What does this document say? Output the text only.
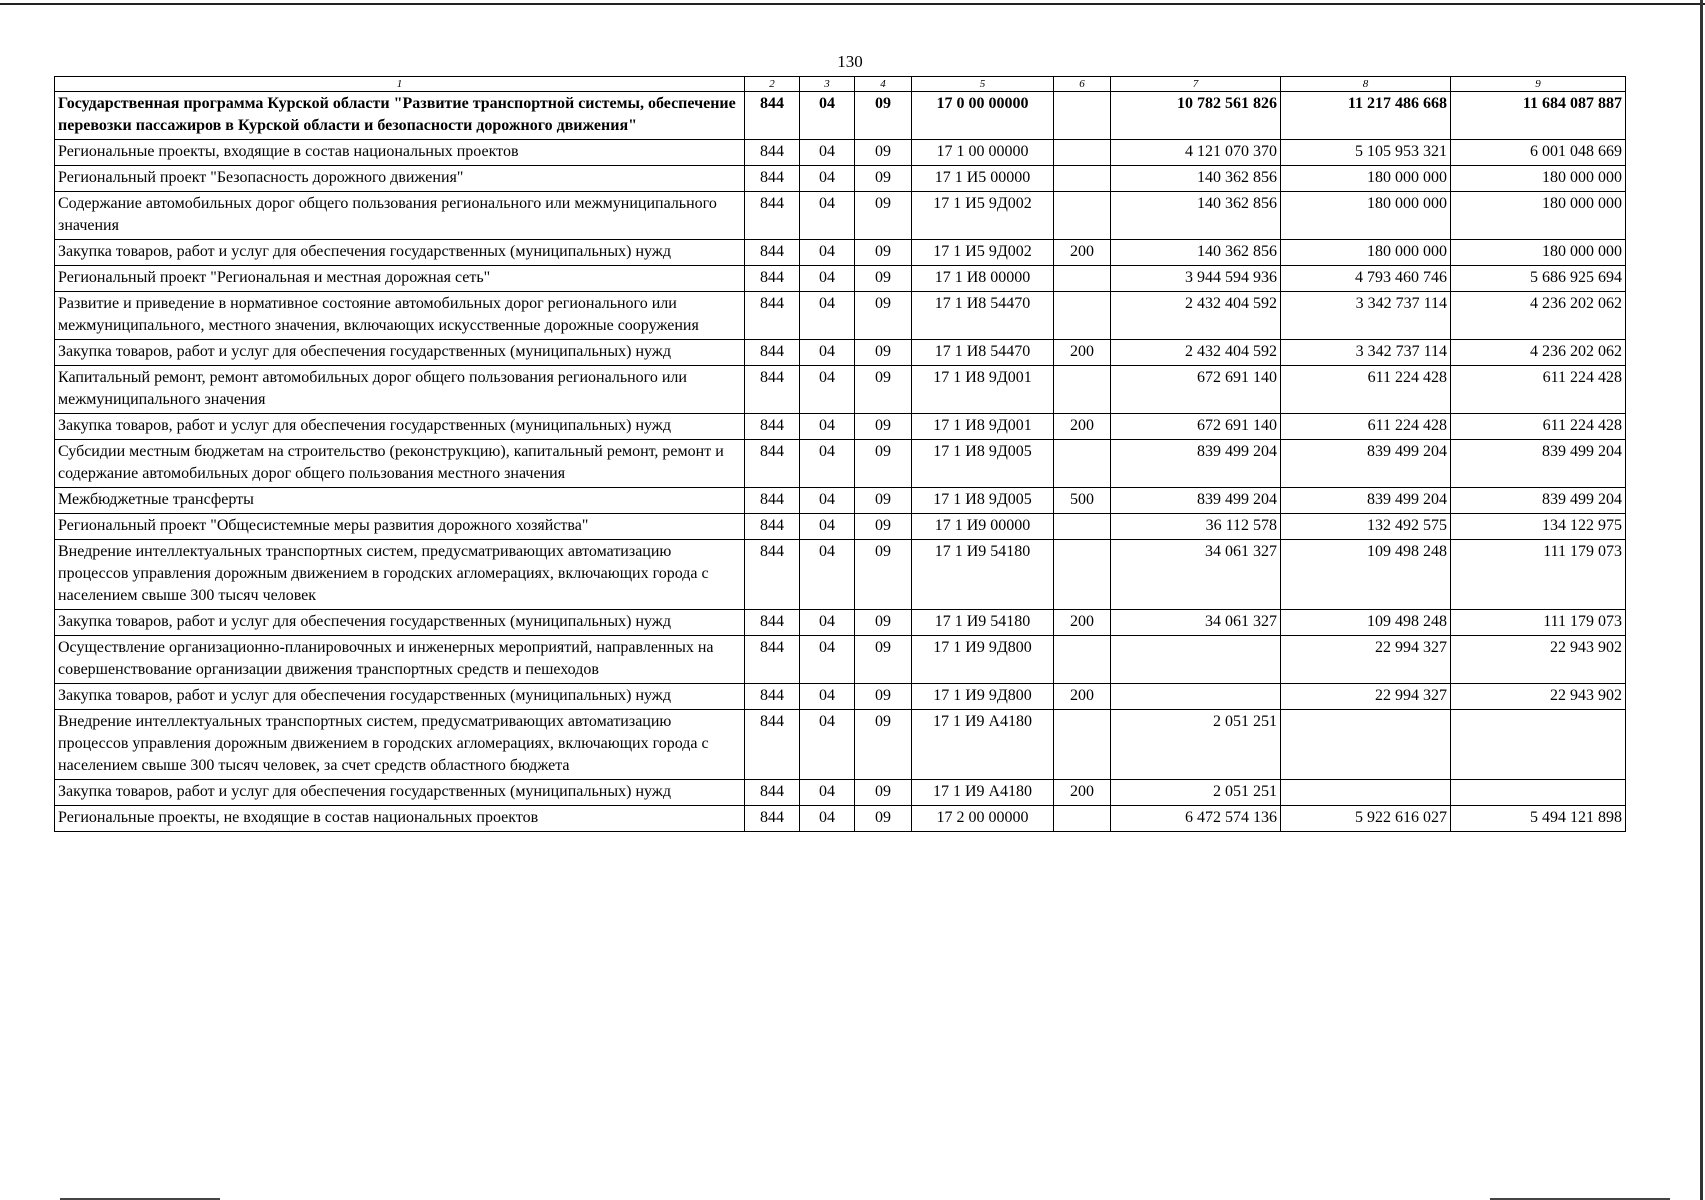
130
1	2	3	4	5	6	7	8	9
Государственная программа Курской области "Развитие транспортной системы, обеспечение перевозки пассажиров в Курской области и безопасности дорожного движения"	844	04	09	17 0 00 00000		10 782 561 826	11 217 486 668	11 684 087 887
Региональные проекты, входящие в состав национальных проектов	844	04	09	17 1 00 00000		4 121 070 370	5 105 953 321	6 001 048 669
Региональный проект "Безопасность дорожного движения"	844	04	09	17 1 И5 00000		140 362 856	180 000 000	180 000 000
Содержание автомобильных дорог общего пользования регионального или межмуниципального значения	844	04	09	17 1 И5 9Д002		140 362 856	180 000 000	180 000 000
Закупка товаров, работ и услуг для обеспечения государственных (муниципальных) нужд	844	04	09	17 1 И5 9Д002	200	140 362 856	180 000 000	180 000 000
Региональный проект "Региональная и местная дорожная сеть"	844	04	09	17 1 И8 00000		3 944 594 936	4 793 460 746	5 686 925 694
Развитие и приведение в нормативное состояние автомобильных дорог регионального или межмуниципального, местного значения, включающих искусственные дорожные сооружения	844	04	09	17 1 И8 54470		2 432 404 592	3 342 737 114	4 236 202 062
Закупка товаров, работ и услуг для обеспечения государственных (муниципальных) нужд	844	04	09	17 1 И8 54470	200	2 432 404 592	3 342 737 114	4 236 202 062
Капитальный ремонт, ремонт автомобильных дорог общего пользования регионального или межмуниципального значения	844	04	09	17 1 И8 9Д001		672 691 140	611 224 428	611 224 428
Закупка товаров, работ и услуг для обеспечения государственных (муниципальных) нужд	844	04	09	17 1 И8 9Д001	200	672 691 140	611 224 428	611 224 428
Субсидии местным бюджетам на строительство (реконструкцию), капитальный ремонт, ремонт и содержание автомобильных дорог общего пользования местного значения	844	04	09	17 1 И8 9Д005		839 499 204	839 499 204	839 499 204
Межбюджетные трансферты	844	04	09	17 1 И8 9Д005	500	839 499 204	839 499 204	839 499 204
Региональный проект "Общесистемные меры развития дорожного хозяйства"	844	04	09	17 1 И9 00000		36 112 578	132 492 575	134 122 975
Внедрение интеллектуальных транспортных систем, предусматривающих автоматизацию процессов управления дорожным движением в городских агломерациях, включающих города с населением свыше 300 тысяч человек	844	04	09	17 1 И9 54180		34 061 327	109 498 248	111 179 073
Закупка товаров, работ и услуг для обеспечения государственных (муниципальных) нужд	844	04	09	17 1 И9 54180	200	34 061 327	109 498 248	111 179 073
Осуществление организационно-планировочных и инженерных мероприятий, направленных на совершенствование организации движения транспортных средств и пешеходов	844	04	09	17 1 И9 9Д800			22 994 327	22 943 902
Закупка товаров, работ и услуг для обеспечения государственных (муниципальных) нужд	844	04	09	17 1 И9 9Д800	200		22 994 327	22 943 902
Внедрение интеллектуальных транспортных систем, предусматривающих автоматизацию процессов управления дорожным движением в городских агломерациях, включающих города с населением свыше 300 тысяч человек, за счет средств областного бюджета	844	04	09	17 1 И9 А4180		2 051 251		
Закупка товаров, работ и услуг для обеспечения государственных (муниципальных) нужд	844	04	09	17 1 И9 А4180	200	2 051 251		
Региональные проекты, не входящие в состав национальных проектов	844	04	09	17 2 00 00000		6 472 574 136	5 922 616 027	5 494 121 898
